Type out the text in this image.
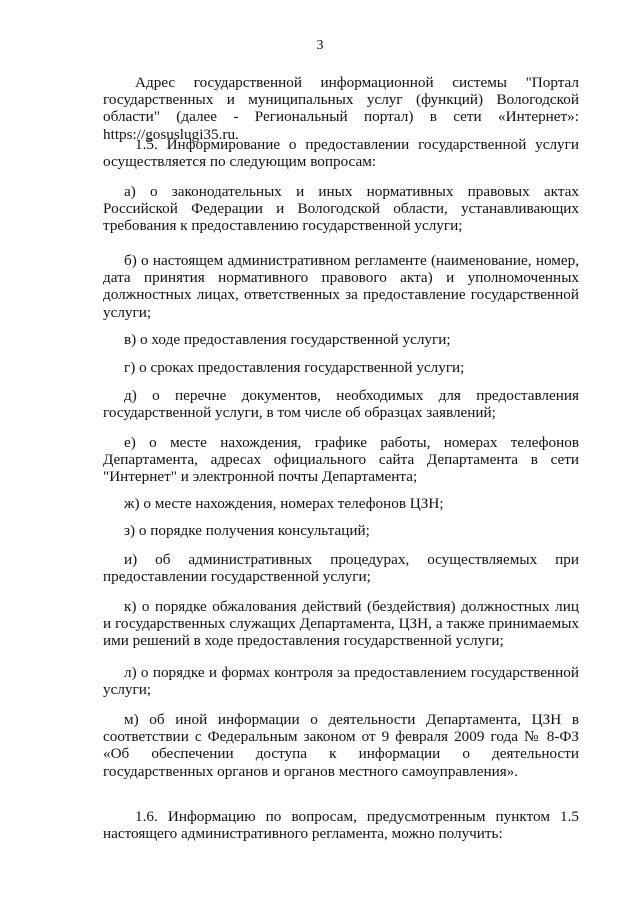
3

Адрес государственной информационной системы "Портал государственных и муниципальных услуг (функций) Вологодской области" (далее - Региональный портал) в сети «Интернет»: https://gosuslugi35.ru.

1.5. Информирование о предоставлении государственной услуги осуществляется по следующим вопросам:

а) о законодательных и иных нормативных правовых актах Российской Федерации и Вологодской области, устанавливающих требования к предоставлению государственной услуги;

б) о настоящем административном регламенте (наименование, номер, дата принятия нормативного правового акта) и уполномоченных должностных лицах, ответственных за предоставление государственной услуги;

в) о ходе предоставления государственной услуги;

г) о сроках предоставления государственной услуги;

д) о перечне документов, необходимых для предоставления государственной услуги, в том числе об образцах заявлений;

е) о месте нахождения, графике работы, номерах телефонов Департамента, адресах официального сайта Департамента в сети "Интернет" и электронной почты Департамента;

ж) о месте нахождения, номерах телефонов ЦЗН;

з) о порядке получения консультаций;

и) об административных процедурах, осуществляемых при предоставлении государственной услуги;

к) о порядке обжалования действий (бездействия) должностных лиц и государственных служащих Департамента, ЦЗН, а также принимаемых ими решений в ходе предоставления государственной услуги;

л) о порядке и формах контроля за предоставлением государственной услуги;

м) об иной информации о деятельности Департамента, ЦЗН в соответствии с Федеральным законом от 9 февраля 2009 года № 8-ФЗ «Об обеспечении доступа к информации о деятельности государственных органов и органов местного самоуправления».

1.6. Информацию по вопросам, предусмотренным пунктом 1.5 настоящего административного регламента, можно получить:
